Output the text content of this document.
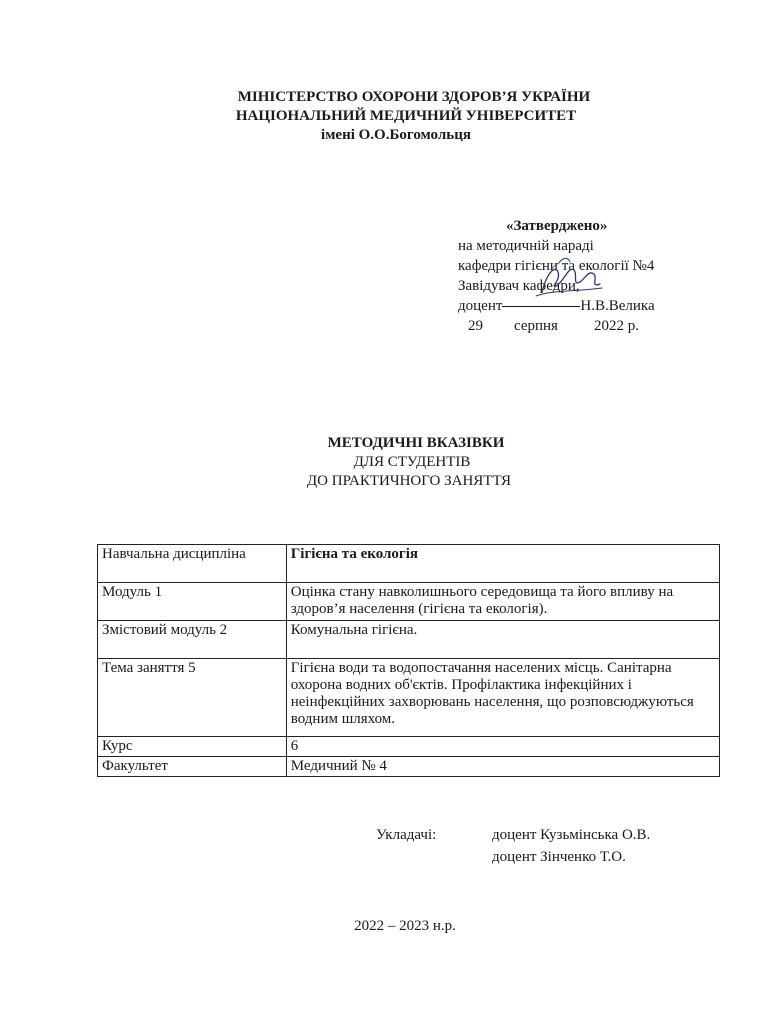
МІНІСТЕРСТВО ОХОРОНИ ЗДОРОВ’Я УКРАЇНИ
НАЦІОНАЛЬНИЙ МЕДИЧНИЙ УНІВЕРСИТЕТ
імені О.О.Богомольця
«Затверджено»
на методичній нараді
кафедри гігієни та екології №4
Завідувач кафедри,
доцент	Н.В.Велика
29 серпня 2022 р.
МЕТОДИЧНІ ВКАЗІВКИ
ДЛЯ СТУДЕНТІВ
ДО ПРАКТИЧНОГО ЗАНЯТТЯ
Навчальна дисципліна	Гігієна та екологія
Модуль 1	Оцінка стану навколишнього середовища та його впливу на здоров’я населення (гігієна та екологія).
Змістовий модуль 2	Комунальна гігієна.
Тема заняття 5	Гігієна води та водопостачання населених місць. Санітарна охорона водних об'єктів. Профілактика інфекційних і неінфекційних захворювань населення, що розповсюджуються водним шляхом.
Курс	6
Факультет	Медичний № 4
Укладачі:	доцент Кузьмінська О.В.
доцент Зінченко Т.О.
2022 – 2023 н.р.
